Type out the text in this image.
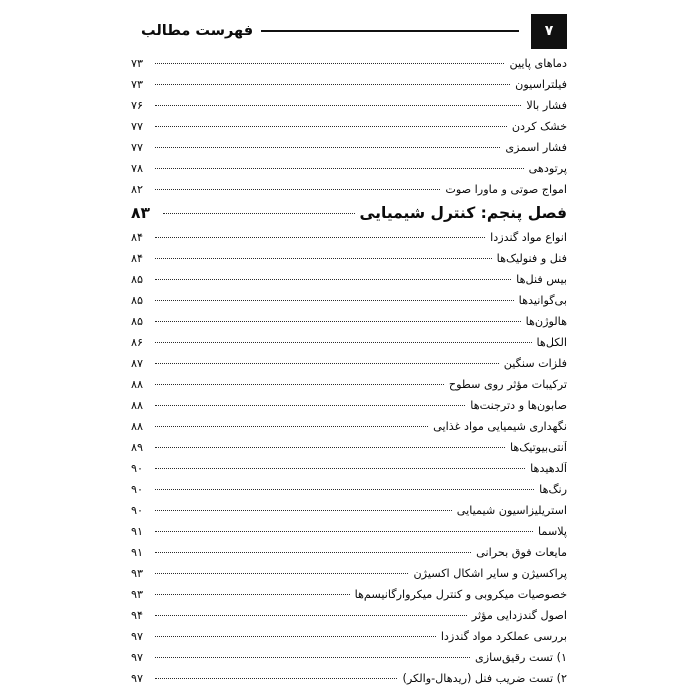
۷
فهرست مطالب
دماهای پایین
۷۳
فیلتراسیون
۷۳
فشار بالا
۷۶
خشک کردن
۷۷
فشار اسمزی
۷۷
پرتودهی
۷۸
امواج صوتی و ماورا صوت
۸۲
فصل پنجم: کنترل شیمیایی
۸۳
انواع مواد گندزدا
۸۴
فنل و فنولیک‌ها
۸۴
بیس فنل‌ها
۸۵
بی‌گوانیدها
۸۵
هالوژن‌ها
۸۵
الکل‌ها
۸۶
فلزات سنگین
۸۷
ترکیبات مؤثر روی سطوح
۸۸
صابون‌ها و دترجنت‌ها
۸۸
نگهداری شیمیایی مواد غذایی
۸۸
آنتی‌بیوتیک‌ها
۸۹
آلدهیدها
۹۰
رنگ‌ها
۹۰
استریلیزاسیون شیمیایی
۹۰
پلاسما
۹۱
مایعات فوق بحرانی
۹۱
پراکسیژن و سایر اشکال اکسیژن
۹۳
خصوصیات میکروبی و کنترل میکروارگانیسم‌ها
۹۳
اصول گندزدایی مؤثر
۹۴
بررسی عملکرد مواد گندزدا
۹۷
۱) تست رقیق‌سازی
۹۷
۲) تست ضریب فنل (ریدهال-والکر)
۹۷
